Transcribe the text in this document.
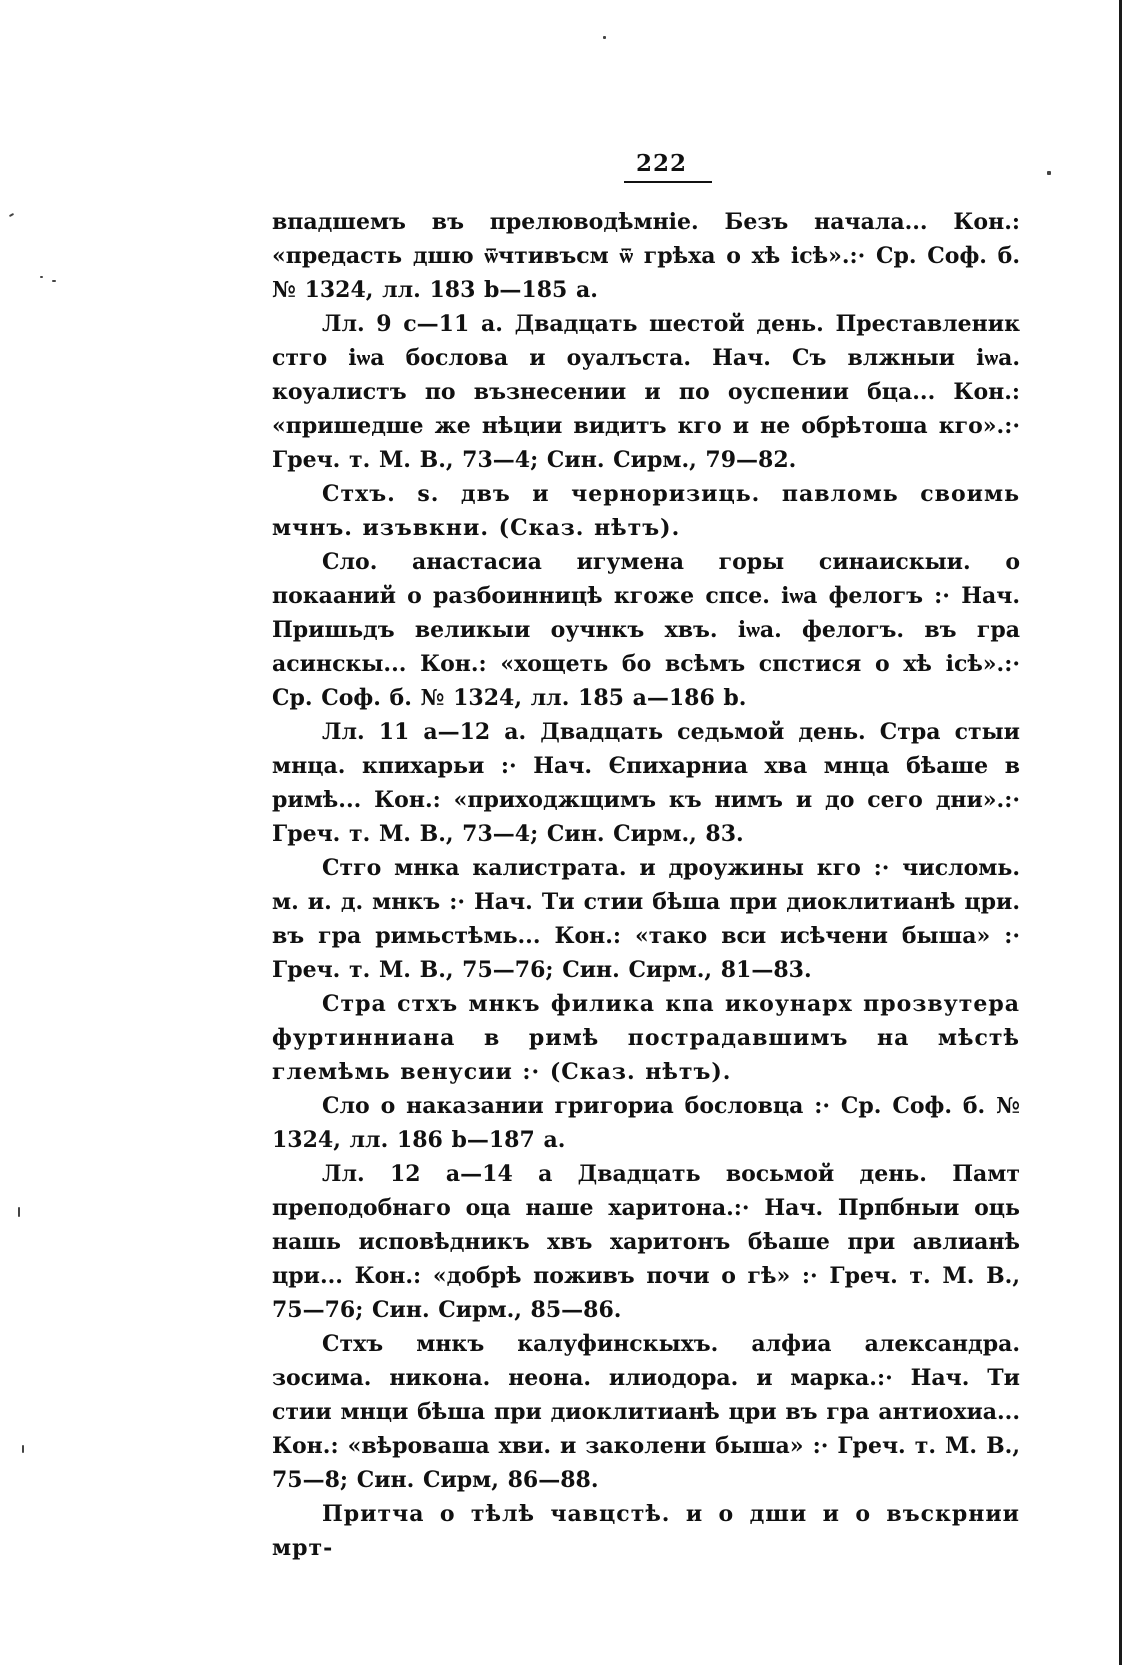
222

впадшемъ въ прелюводѣмніе. Безъ начала... Кон.: «предасть дшю ѿчтивъсм ѿ грѣха о хѣ ісѣ».:· Ср. Соф. б. № 1324, лл. 183 b—185 а.

Лл. 9 с—11 а. Двадцать шестой день. Преставленик стго іѡа бослова и оуалъста. Нач. Съ влжныи іѡа. коуалистъ по възнесении и по оуспении бца... Кон.: «пришедше же нѣции видитъ кго и не обрѣтоша кго».:· Греч. т. М. В., 73—4; Син. Сирм., 79—82.

Стхъ. ѕ. двъ и чернoризиць. павломь своимь мчнъ. изъвкни. (Сказ. нѣтъ).

Сло. анастасиа игумена горы синаискыи. о покааний о разбоинницѣ кгоже спсе. іѡа фелогъ :· Нач. Пришьдъ великыи оучнкъ хвъ. іѡа. фелогъ. въ гра асинскы... Кон.: «хощеть бо всѣмъ спстися о хѣ ісѣ».:· Ср. Соф. б. № 1324, лл. 185 а—186 b.

Лл. 11 а—12 а. Двадцать седьмой день. Стра стыи мнца. кпихарьи :· Нач. Єпихарниа хва мнца бѣаше в римѣ... Кон.: «приходжщимъ къ нимъ и до сего дни».:· Греч. т. М. В., 73—4; Син. Сирм., 83.

Стго мнка калистрата. и дроужины кго :· числомь. м. и. д. мнкъ :· Нач. Ти стии бѣша при диоклитианѣ цри. въ гра римьстѣмь... Кон.: «тако вси исѣчени быша» :· Греч. т. М. В., 75—76; Син. Сирм., 81—83.

Стра стхъ мнкъ филика кпа икоунарх прозвутера фуртинниана в римѣ пострадавшимъ на мѣстѣ глемѣмь венусии :· (Сказ. нѣтъ).

Сло о наказании григориа бословца :· Ср. Соф. б. № 1324, лл. 186 b—187 а.

Лл. 12 а—14 а Двадцать восьмой день. Памт преподобнаго оца наше харитона.:· Нач. Прпбныи оць нашь исповѣдникъ хвъ харитонъ бѣаше при авлианѣ цри... Кон.: «добрѣ поживъ почи о гѣ» :· Греч. т. М. В., 75—76; Син. Сирм., 85—86.

Стхъ мнкъ калуфинскыхъ. алфиа александра. зосима. никона. неона. илиодора. и марка.:· Нач. Ти стии мнци бѣша при диоклитианѣ цри въ гра антиохиа... Кон.: «вѣроваша хви. и заколени быша» :· Греч. т. М. В., 75—8; Син. Сирм, 86—88.

Притча о тѣлѣ чавцстѣ. и о дши и о въскрнии мрт-
